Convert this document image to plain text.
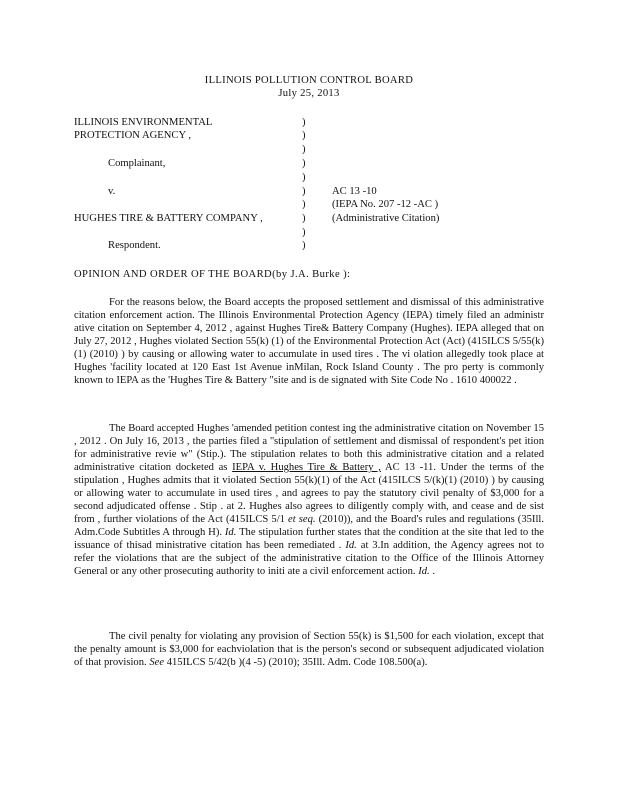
ILLINOIS POLLUTION CONTROL BOARD
July 25, 2013
ILLINOIS ENVIRONMENTAL
PROTECTION AGENCY ,
Complainant,
v.
HUGHES TIRE & BATTERY COMPANY ,
Respondent.
)
)
)
)
)
)
)
)
)
)
AC 13 -10
(IEPA No. 207 -12 -AC )
(Administrative Citation)
OPINION AND ORDER OF THE BOARD(by J.A. Burke ):
For the reasons below, the Board accepts the proposed settlement and dismissal of this administrative citation enforcement action. The Illinois Environmental Protection Agency (IEPA) timely filed an administr ative citation on September 4, 2012 , against Hughes Tire& Battery Company (Hughes). IEPA alleged that on July 27, 2012 , Hughes violated Section 55(k) (1) of the Environmental Protection Act (Act) (415ILCS 5/55(k)(1) (2010) ) by causing or allowing water to accumulate in used tires . The vi olation allegedly took place at Hughes 'facility located at 120 East 1st Avenue inMilan, Rock Island County . The pro perty is commonly known to IEPA as the 'Hughes Tire & Battery "site and is de signated with Site Code No . 1610 400022 .
The Board accepted Hughes 'amended petition contest ing the administrative citation on November 15 , 2012 . On July 16, 2013 , the parties filed a ''stipulation of settlement and dismissal of respondent's pet ition for administrative revie w" (Stip.). The stipulation relates to both this administrative citation and a related administrative citation docketed as IEPA v. Hughes Tire & Battery , AC 13 -11. Under the terms of the stipulation , Hughes admits that it violated Section 55(k)(1) of the Act (415ILCS 5/(k)(1) (2010) ) by causing or allowing water to accumulate in used tires , and agrees to pay the statutory civil penalty of $3,000 for a second adjudicated offense . Stip . at 2. Hughes also agrees to diligently comply with, and cease and de sist from , further violations of the Act (415ILCS 5/1 et seq. (2010)), and the Board's rules and regulations (35Ill. Adm.Code Subtitles A through H). Id. The stipulation further states that the condition at the site that led to the issuance of thisad ministrative citation has been remediated . Id. at 3.In addition, the Agency agrees not to refer the violations that are the subject of the administrative citation to the Office of the Illinois Attorney General or any other prosecuting authority to initi ate a civil enforcement action. Id. .
The civil penalty for violating any provision of Section 55(k) is $1,500 for each violation, except that the penalty amount is $3,000 for eachviolation that is the person's second or subsequent adjudicated violation of that provision. See 415ILCS 5/42(b )(4 -5) (2010); 35Ill. Adm. Code 108.500(a).
